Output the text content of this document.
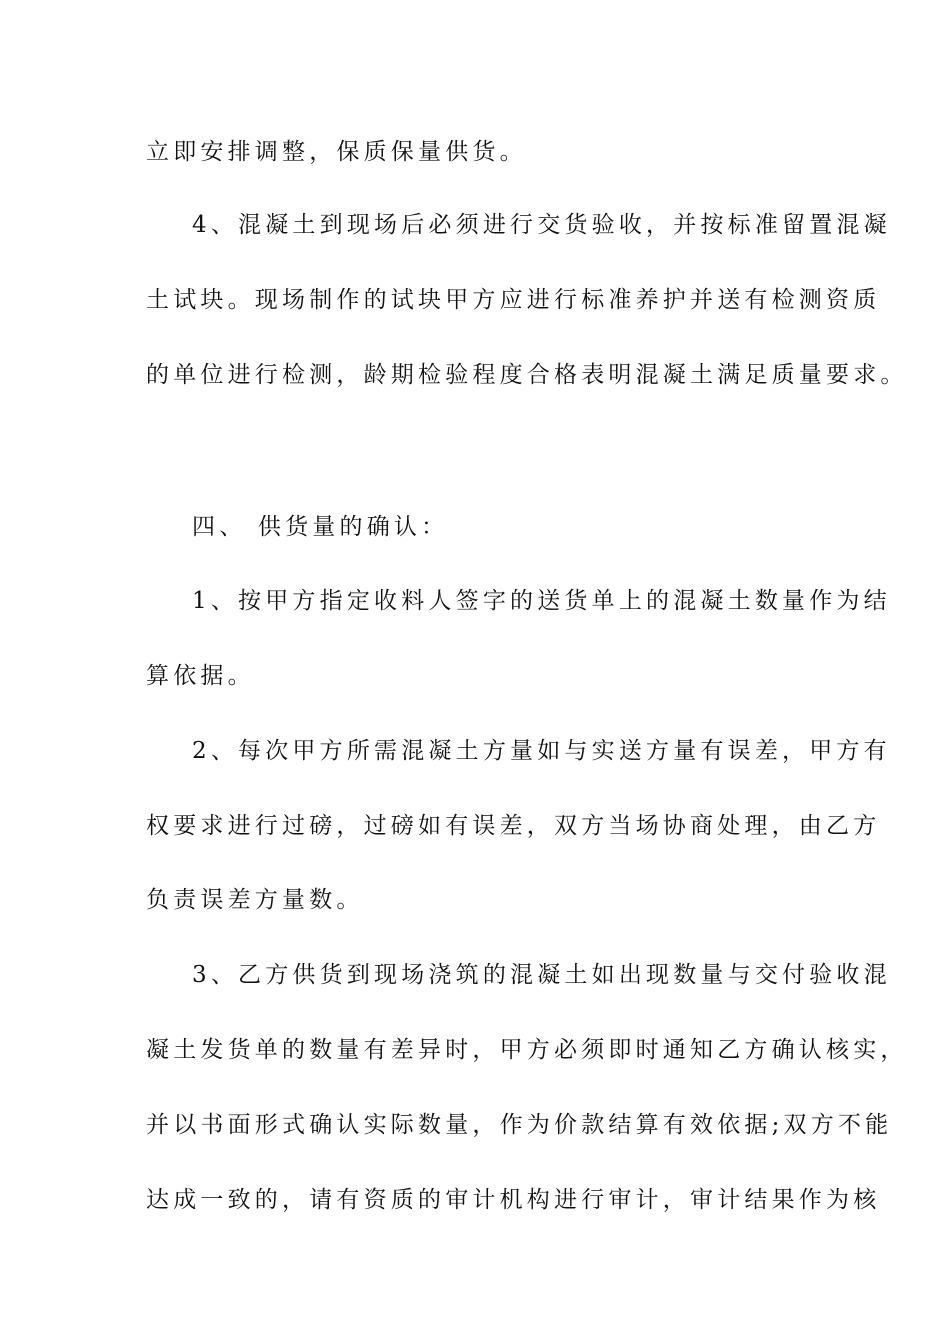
立即安排调整，保质保量供货。
4、混凝土到现场后必须进行交货验收，并按标准留置混凝
土试块。现场制作的试块甲方应进行标准养护并送有检测资质
的单位进行检测，龄期检验程度合格表明混凝土满足质量要求。
四、 供货量的确认：
1、按甲方指定收料人签字的送货单上的混凝土数量作为结
算依据。
2、每次甲方所需混凝土方量如与实送方量有误差，甲方有
权要求进行过磅，过磅如有误差，双方当场协商处理，由乙方
负责误差方量数。
3、乙方供货到现场浇筑的混凝土如出现数量与交付验收混
凝土发货单的数量有差异时，甲方必须即时通知乙方确认核实，
并以书面形式确认实际数量，作为价款结算有效依据;双方不能
达成一致的，请有资质的审计机构进行审计，审计结果作为核
